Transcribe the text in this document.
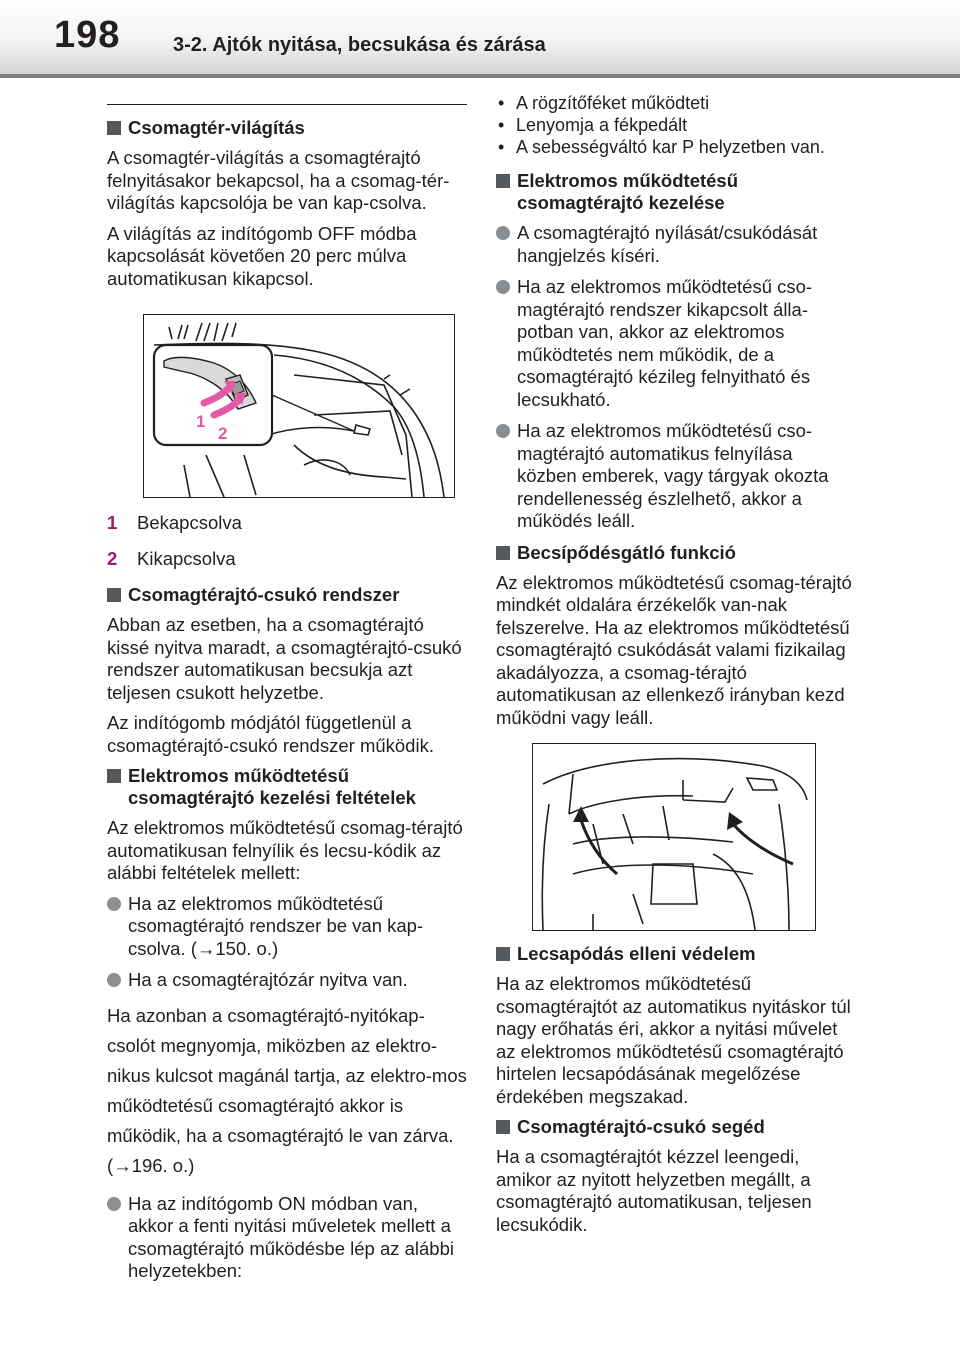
198	3-2. Ajtók nyitása, becsukása és zárása
Csomagtér-világítás

A csomagtér-világítás a csomagtérajtó felnyitásakor bekapcsol, ha a csomag-tér-világítás kapcsolója be van kap-csolva.

A világítás az indítógomb OFF módba kapcsolását követően 20 perc múlva automatikusan kikapcsol.

1
2
1	Bekapcsolva
2	Kikapcsolva
Csomagtérajtó-csukó rendszer

Abban az esetben, ha a csomagtérajtó kissé nyitva maradt, a csomagtérajtó-csukó rendszer automatikusan becsukja azt teljesen csukott helyzetbe.

Az indítógomb módjától függetlenül a csomagtérajtó-csukó rendszer működik.

Elektromos működtetésű csomagtérajtó kezelési feltételek

Az elektromos működtetésű csomag-térajtó automatikusan felnyílik és lecsu-kódik az alábbi feltételek mellett:

Ha az elektromos működtetésű csomagtérajtó rendszer be van kap-csolva. (→150. o.)
Ha a csomagtérajtózár nyitva van.

Ha azonban a csomagtérajtó-nyitókap-csolót megnyomja, miközben az elektro-nikus kulcsot magánál tartja, az elektro-mos működtetésű csomagtérajtó akkor is működik, ha a csomagtérajtó le van zárva. (→196. o.)

Ha az indítógomb ON módban van, akkor a fenti nyitási műveletek mellett a csomagtérajtó működésbe lép az alábbi helyzetekben:
• A rögzítőféket működteti
• Lenyomja a fékpedált
• A sebességváltó kar P helyzetben van.
Elektromos működtetésű csomagtérajtó kezelése
A csomagtérajtó nyílását/csukódását hangjelzés kíséri.
Ha az elektromos működtetésű cso-magtérajtó rendszer kikapcsolt álla-potban van, akkor az elektromos működtetés nem működik, de a csomagtérajtó kézileg felnyitható és lecsukható.
Ha az elektromos működtetésű cso-magtérajtó automatikus felnyílása közben emberek, vagy tárgyak okozta rendellenesség észlelhető, akkor a működés leáll.
Becsípődésgátló funkció

Az elektromos működtetésű csomag-térajtó mindkét oldalára érzékelők van-nak felszerelve. Ha az elektromos működtetésű csomagtérajtó csukódását valami fizikailag akadályozza, a csomag-térajtó automatikusan az ellenkező irányban kezd működni vagy leáll.

Lecsapódás elleni védelem

Ha az elektromos működtetésű csomagtérajtót az automatikus nyitáskor túl nagy erőhatás éri, akkor a nyitási művelet az elektromos működtetésű csomagtérajtó hirtelen lecsapódásának megelőzése érdekében megszakad.

Csomagtérajtó-csukó segéd

Ha a csomagtérajtót kézzel leengedi, amikor az nyitott helyzetben megállt, a csomagtérajtó automatikusan, teljesen lecsukódik.
